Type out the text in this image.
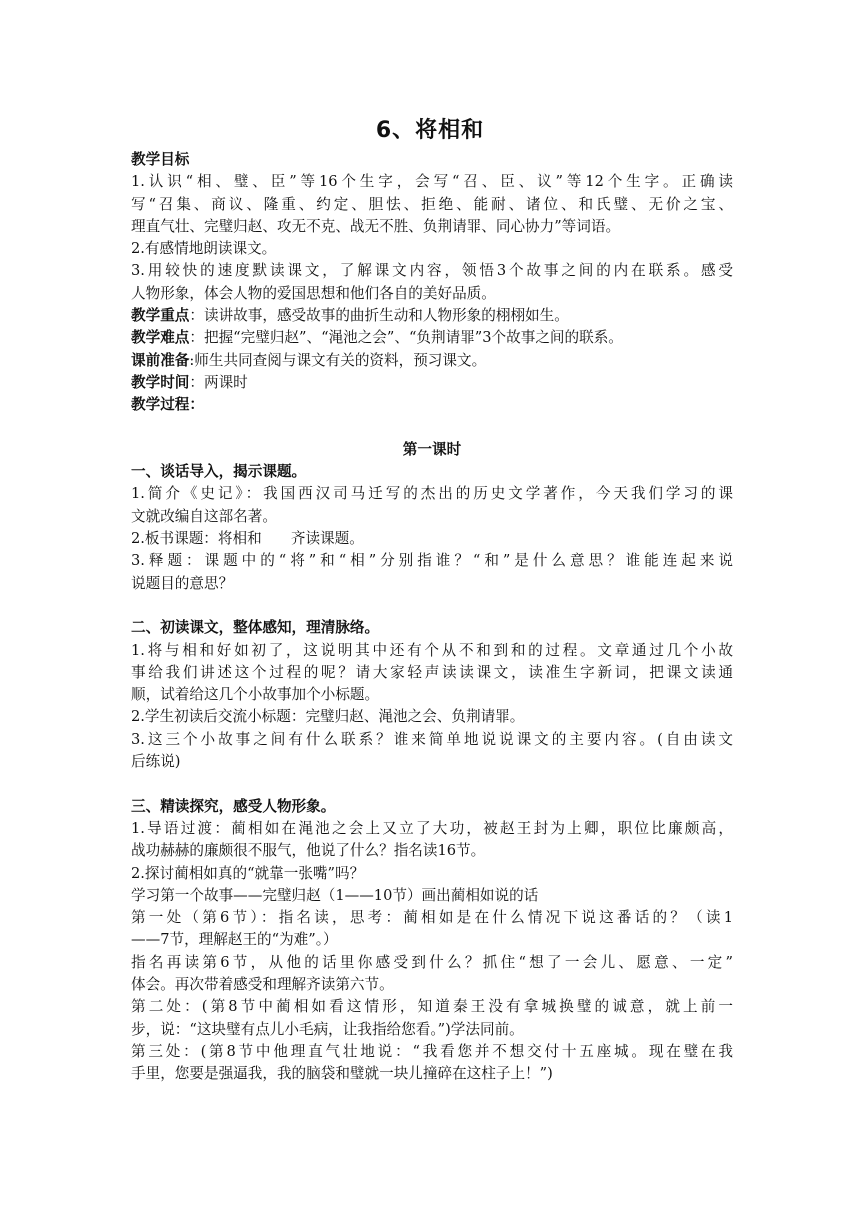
6、将相和
教学目标
1.认识“相、璧、臣”等16个生字，会写“召、臣、议”等12个生字。正确读
写“召集、商议、隆重、约定、胆怯、拒绝、能耐、诸位、和氏璧、无价之宝、
理直气壮、完璧归赵、攻无不克、战无不胜、负荆请罪、同心协力”等词语。
2.有感情地朗读课文。
3.用较快的速度默读课文，了解课文内容，领悟3个故事之间的内在联系。感受
人物形象，体会人物的爱国思想和他们各自的美好品质。
教学重点：读讲故事，感受故事的曲折生动和人物形象的栩栩如生。
教学难点：把握“完璧归赵”、“渑池之会”、“负荆请罪”3个故事之间的联系。
课前准备:师生共同查阅与课文有关的资料，预习课文。
教学时间：两课时
教学过程：
第一课时
一、谈话导入，揭示课题。
1.简介《史记》：我国西汉司马迁写的杰出的历史文学著作，今天我们学习的课
文就改编自这部名著。
2.板书课题：将相和　　齐读课题。
3.释题：课题中的“将”和“相”分别指谁？“和”是什么意思？谁能连起来说
说题目的意思？
二、初读课文，整体感知，理清脉络。
1.将与相和好如初了，这说明其中还有个从不和到和的过程。文章通过几个小故
事给我们讲述这个过程的呢？请大家轻声读读课文，读准生字新词，把课文读通
顺，试着给这几个小故事加个小标题。
2.学生初读后交流小标题：完璧归赵、渑池之会、负荆请罪。
3.这三个小故事之间有什么联系？谁来简单地说说课文的主要内容。(自由读文
后练说)
三、精读探究，感受人物形象。
1.导语过渡：蔺相如在渑池之会上又立了大功，被赵王封为上卿，职位比廉颇高，
战功赫赫的廉颇很不服气，他说了什么？指名读16节。
2.探讨蔺相如真的“就靠一张嘴”吗？
学习第一个故事——完璧归赵（1——10节）画出蔺相如说的话
第一处（第6节）：指名读，思考：蔺相如是在什么情况下说这番话的？（读1
——7节，理解赵王的“为难”。）
指名再读第6节，从他的话里你感受到什么？抓住“想了一会儿、愿意、一定”
体会。再次带着感受和理解齐读第六节。
第二处：(第8节中蔺相如看这情形，知道秦王没有拿城换璧的诚意，就上前一
步，说：“这块璧有点儿小毛病，让我指给您看。”)学法同前。
第三处：(第8节中他理直气壮地说：“我看您并不想交付十五座城。现在璧在我
手里，您要是强逼我，我的脑袋和璧就一块儿撞碎在这柱子上！”)
